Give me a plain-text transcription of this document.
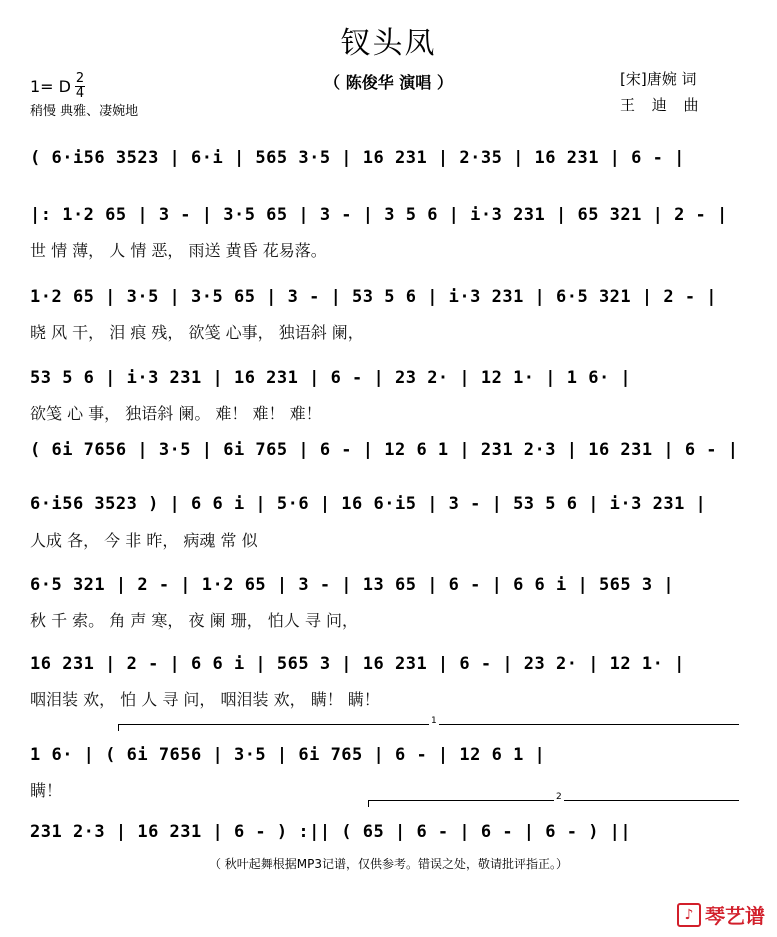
钗头凤
（ 陈俊华 演唱 ）
1= D 2
4
稍慢 典雅、凄婉地
[宋]唐婉 词
王 迪 曲
( 6·i56 3523 | 6·i | 565 3·5 | 16 231 | 2·35 | 16 231 | 6 - |
|: 1·2 65 | 3 - | 3·5 65 | 3 - | 3 5 6 | i·3 231 | 65 321 | 2 - |
世 情 薄， 人 情 恶， 雨送 黄昏 花易落。
1·2 65 | 3·5 | 3·5 65 | 3 - | 53 5 6 | i·3 231 | 6·5 321 | 2 - |
晓 风 干， 泪 痕 残， 欲笺 心事， 独语斜 阑，
53 5 6 | i·3 231 | 16 231 | 6 - | 23 2· | 12 1· | 1 6· |
欲笺 心 事， 独语斜 阑。 难！ 难！ 难！
( 6i 7656 | 3·5 | 6i 765 | 6 - | 12 6 1 | 231 2·3 | 16 231 | 6 - |
6·i56 3523 ) | 6 6 i | 5·6 | 16 6·i5 | 3 - | 53 5 6 | i·3 231 |
人成 各， 今 非 昨， 病魂 常 似
6·5 321 | 2 - | 1·2 65 | 3 - | 13 65 | 6 - | 6 6 i | 565 3 |
秋 千 索。 角 声 寒， 夜 阑 珊， 怕人 寻 问，
16 231 | 2 - | 6 6 i | 565 3 | 16 231 | 6 - | 23 2· | 12 1· |
咽泪装 欢， 怕 人 寻 问， 咽泪装 欢， 瞒！ 瞒！
1
1 6· | ( 6i 7656 | 3·5 | 6i 765 | 6 - | 12 6 1 |
瞒！	2
231 2·3 | 16 231 | 6 - ) :|| ( 65 | 6 - | 6 - | 6 - ) ||
（ 秋叶起舞根据MP3记谱，仅供参考。错误之处，敬请批评指正。）
♪ 琴艺谱
